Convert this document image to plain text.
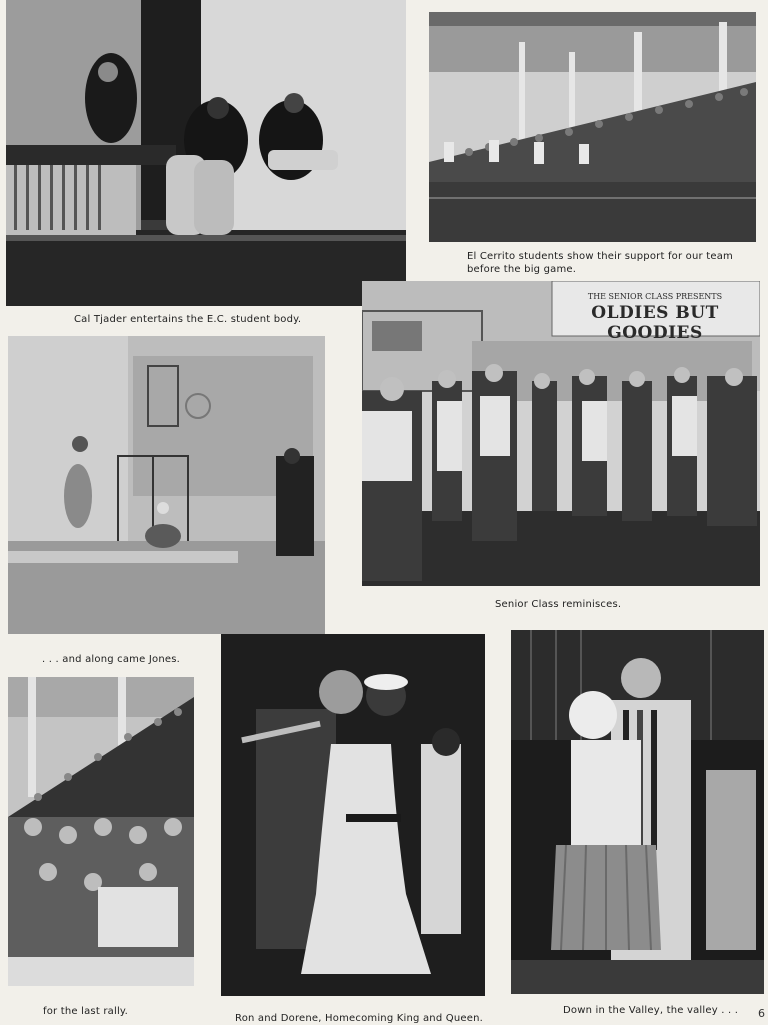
Cal Tjader entertains the E.C. student body.
El Cerrito students show their support for our team
before the big game.
. . . and along came Jones.
THE SENIOR CLASS PRESENTS
OLDIES BUT GOODIES
Senior Class reminisces.
for the last rally.
Ron and Dorene, Homecoming King and Queen.
Down in the Valley, the valley . . . 6
